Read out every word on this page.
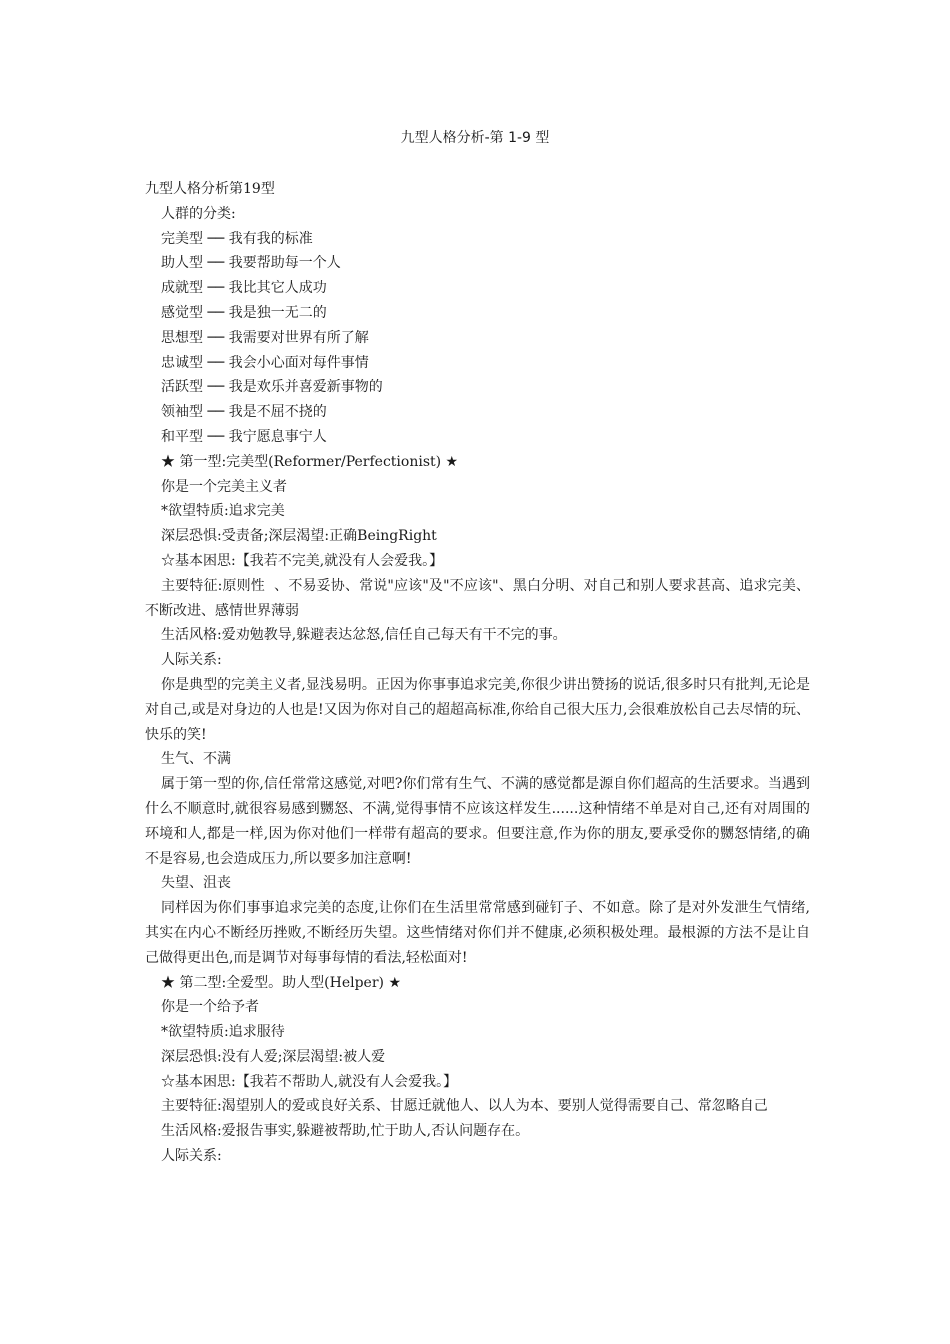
九型人格分析-第 1-9 型

九型人格分析第19型

人群的分类:

完美型 ── 我有我的标准

助人型 ── 我要帮助每一个人

成就型 ── 我比其它人成功

感觉型 ── 我是独一无二的

思想型 ── 我需要对世界有所了解

忠诚型 ── 我会小心面对每件事情

活跃型 ── 我是欢乐并喜爱新事物的

领袖型 ── 我是不屈不挠的

和平型 ── 我宁愿息事宁人

★ 第一型:完美型(Reformer/Perfectionist) ★

你是一个完美主义者

*欲望特质:追求完美

深层恐惧:受责备;深层渴望:正确BeingRight

☆基本困思:【我若不完美,就没有人会爱我。】

主要特征:原则性  、不易妥协、常说"应该"及"不应该"、黑白分明、对自己和别人要求甚高、追求完美、不断改进、感情世界薄弱

生活风格:爱劝勉教导,躲避表达忿怒,信任自己每天有干不完的事。

人际关系:

你是典型的完美主义者,显浅易明。正因为你事事追求完美,你很少讲出赞扬的说话,很多时只有批判,无论是对自己,或是对身边的人也是!又因为你对自己的超超高标准,你给自己很大压力,会很难放松自己去尽情的玩、快乐的笑!

生气、不满

属于第一型的你,信任常常这感觉,对吧?你们常有生气、不满的感觉都是源自你们超高的生活要求。当遇到什么不顺意时,就很容易感到嬲怒、不满,觉得事情不应该这样发生......这种情绪不单是对自己,还有对周围的环境和人,都是一样,因为你对他们一样带有超高的要求。但要注意,作为你的朋友,要承受你的嬲怒情绪,的确不是容易,也会造成压力,所以要多加注意啊!

失望、沮丧

同样因为你们事事追求完美的态度,让你们在生活里常常感到碰钉子、不如意。除了是对外发泄生气情绪,其实在内心不断经历挫败,不断经历失望。这些情绪对你们并不健康,必须积极处理。最根源的方法不是让自己做得更出色,而是调节对每事每情的看法,轻松面对!

★ 第二型:全爱型。助人型(Helper) ★

你是一个给予者

*欲望特质:追求服待

深层恐惧:没有人爱;深层渴望:被人爱

☆基本困思:【我若不帮助人,就没有人会爱我。】

主要特征:渴望别人的爱或良好关系、甘愿迁就他人、以人为本、要别人觉得需要自己、常忽略自己

生活风格:爱报告事实,躲避被帮助,忙于助人,否认问题存在。

人际关系:
